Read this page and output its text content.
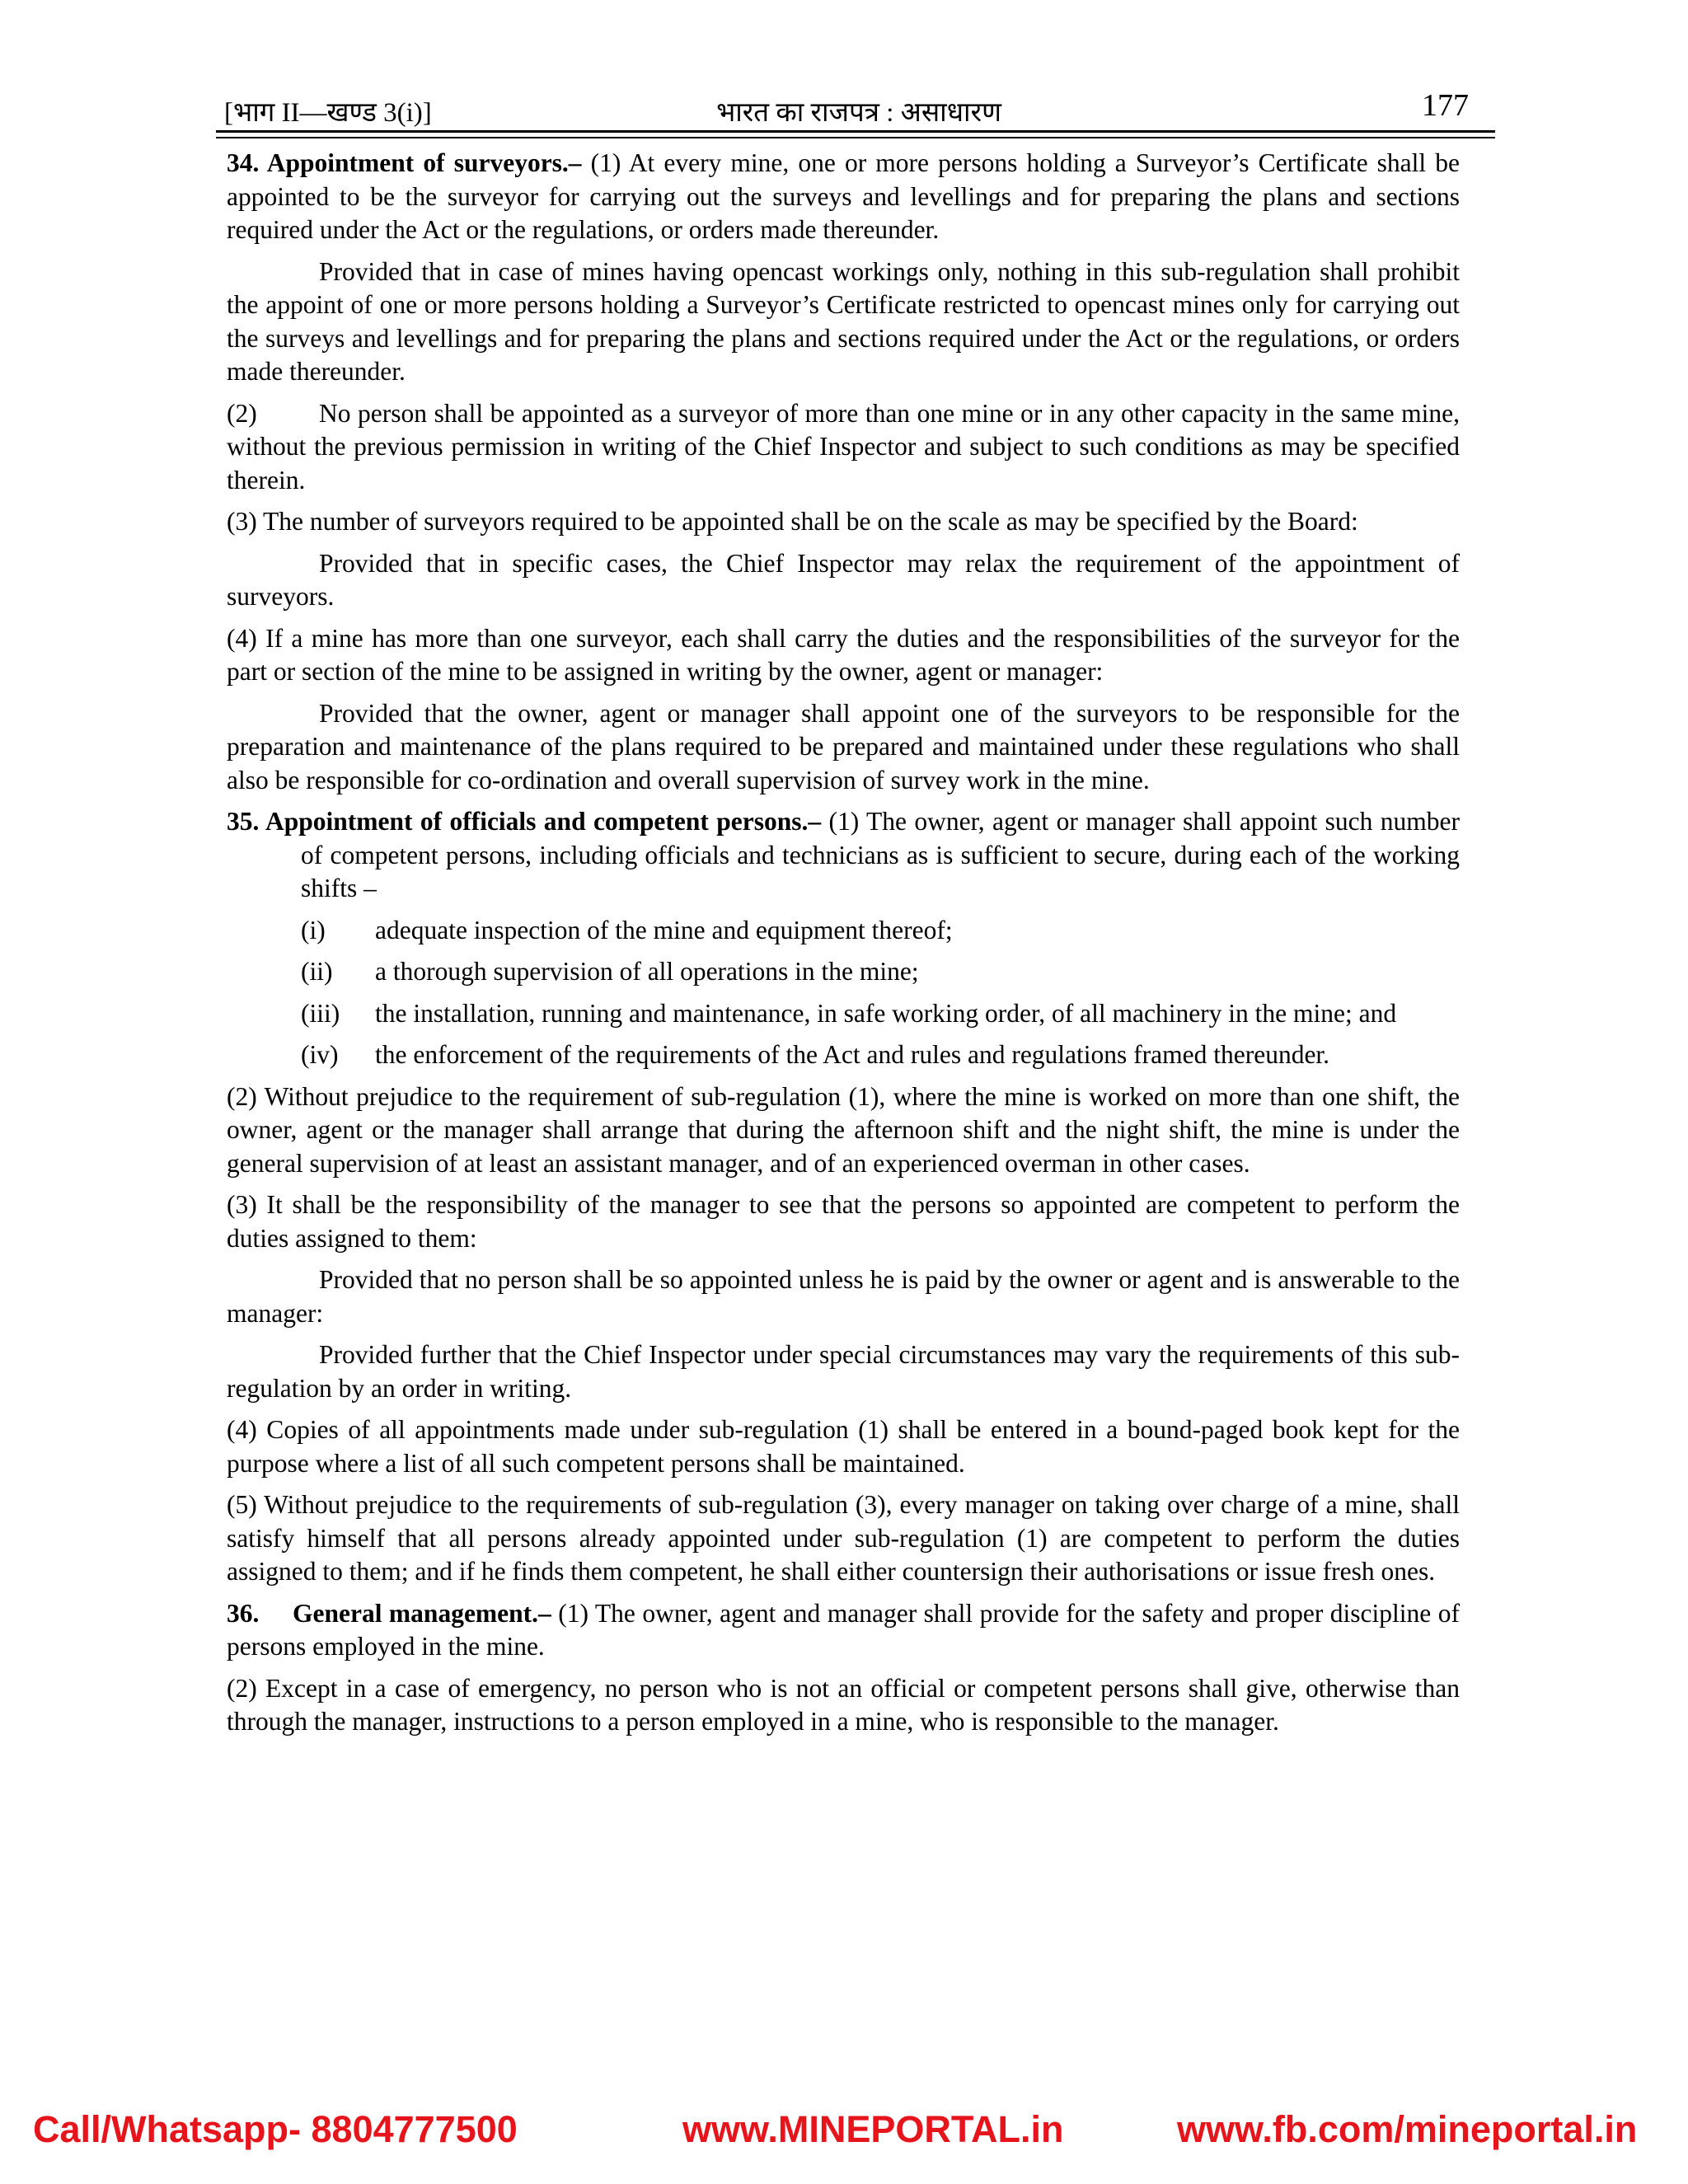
[भाग II—खण्ड 3(i)]	भारत का राजपत्र : असाधारण	177

34. Appointment of surveyors.– (1) At every mine, one or more persons holding a Surveyor’s Certificate shall be appointed to be the surveyor for carrying out the surveys and levellings and for preparing the plans and sections required under the Act or the regulations, or orders made thereunder.

Provided that in case of mines having opencast workings only, nothing in this sub-regulation shall prohibit the appoint of one or more persons holding a Surveyor’s Certificate restricted to opencast mines only for carrying out the surveys and levellings and for preparing the plans and sections required under the Act or the regulations, or orders made thereunder.

(2) No person shall be appointed as a surveyor of more than one mine or in any other capacity in the same mine, without the previous permission in writing of the Chief Inspector and subject to such conditions as may be specified therein.

(3) The number of surveyors required to be appointed shall be on the scale as may be specified by the Board:

Provided that in specific cases, the Chief Inspector may relax the requirement of the appointment of surveyors.

(4) If a mine has more than one surveyor, each shall carry the duties and the responsibilities of the surveyor for the part or section of the mine to be assigned in writing by the owner, agent or manager:

Provided that the owner, agent or manager shall appoint one of the surveyors to be responsible for the preparation and maintenance of the plans required to be prepared and maintained under these regulations who shall also be responsible for co-ordination and overall supervision of survey work in the mine.

35. Appointment of officials and competent persons.– (1) The owner, agent or manager shall appoint such number of competent persons, including officials and technicians as is sufficient to secure, during each of the working shifts –

(i)	adequate inspection of the mine and equipment thereof;
(ii)	a thorough supervision of all operations in the mine;
(iii)	the installation, running and maintenance, in safe working order, of all machinery in the mine; and
(iv)	the enforcement of the requirements of the Act and rules and regulations framed thereunder.

(2) Without prejudice to the requirement of sub-regulation (1), where the mine is worked on more than one shift, the owner, agent or the manager shall arrange that during the afternoon shift and the night shift, the mine is under the general supervision of at least an assistant manager, and of an experienced overman in other cases.

(3) It shall be the responsibility of the manager to see that the persons so appointed are competent to perform the duties assigned to them:

Provided that no person shall be so appointed unless he is paid by the owner or agent and is answerable to the manager:

Provided further that the Chief Inspector under special circumstances may vary the requirements of this sub-regulation by an order in writing.

(4) Copies of all appointments made under sub-regulation (1) shall be entered in a bound-paged book kept for the purpose where a list of all such competent persons shall be maintained.

(5) Without prejudice to the requirements of sub-regulation (3), every manager on taking over charge of a mine, shall satisfy himself that all persons already appointed under sub-regulation (1) are competent to perform the duties assigned to them; and if he finds them competent, he shall either countersign their authorisations or issue fresh ones.

36. General management.– (1) The owner, agent and manager shall provide for the safety and proper discipline of persons employed in the mine.

(2) Except in a case of emergency, no person who is not an official or competent persons shall give, otherwise than through the manager, instructions to a person employed in a mine, who is responsible to the manager.

Call/Whatsapp- 8804777500	www.MINEPORTAL.in	www.fb.com/mineportal.in
